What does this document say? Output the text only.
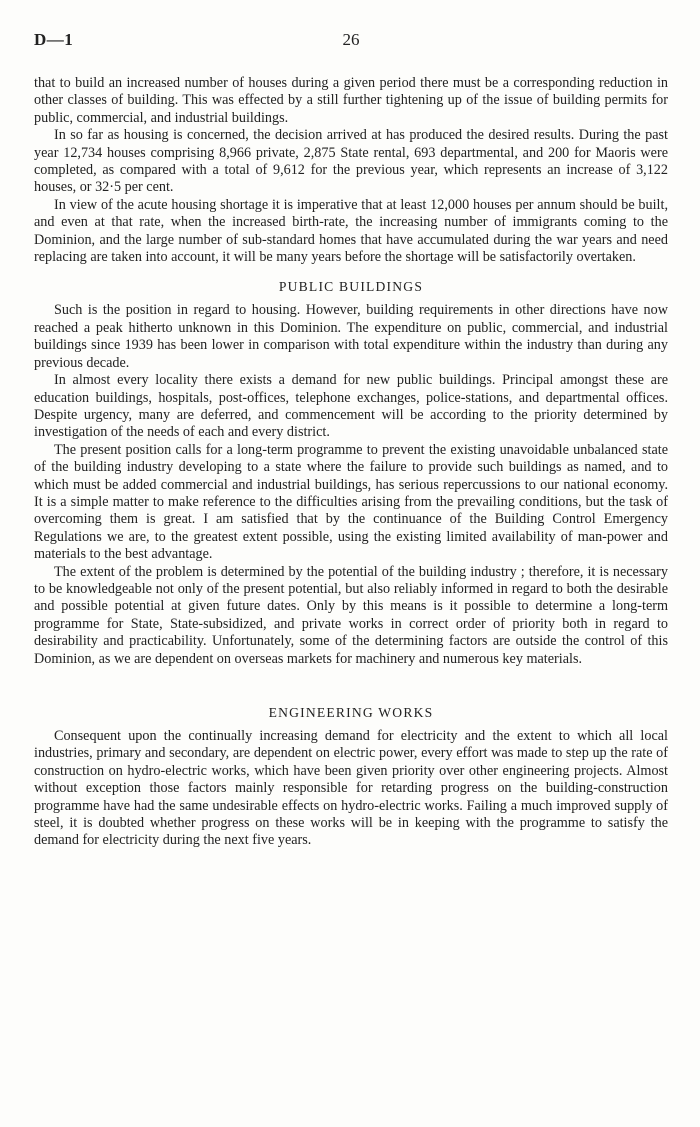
D—1	26

that to build an increased number of houses during a given period there must be a corresponding reduction in other classes of building. This was effected by a still further tightening up of the issue of building permits for public, commercial, and industrial buildings.

In so far as housing is concerned, the decision arrived at has produced the desired results. During the past year 12,734 houses comprising 8,966 private, 2,875 State rental, 693 departmental, and 200 for Maoris were completed, as compared with a total of 9,612 for the previous year, which represents an increase of 3,122 houses, or 32·5 per cent.

In view of the acute housing shortage it is imperative that at least 12,000 houses per annum should be built, and even at that rate, when the increased birth-rate, the increasing number of immigrants coming to the Dominion, and the large number of sub-standard homes that have accumulated during the war years and need replacing are taken into account, it will be many years before the shortage will be satisfactorily overtaken.

PUBLIC BUILDINGS

Such is the position in regard to housing. However, building requirements in other directions have now reached a peak hitherto unknown in this Dominion. The expenditure on public, commercial, and industrial buildings since 1939 has been lower in comparison with total expenditure within the industry than during any previous decade.

In almost every locality there exists a demand for new public buildings. Principal amongst these are education buildings, hospitals, post-offices, telephone exchanges, police-stations, and departmental offices. Despite urgency, many are deferred, and commencement will be according to the priority determined by investigation of the needs of each and every district.

The present position calls for a long-term programme to prevent the existing unavoidable unbalanced state of the building industry developing to a state where the failure to provide such buildings as named, and to which must be added commercial and industrial buildings, has serious repercussions to our national economy. It is a simple matter to make reference to the difficulties arising from the prevailing conditions, but the task of overcoming them is great. I am satisfied that by the continuance of the Building Control Emergency Regulations we are, to the greatest extent possible, using the existing limited availability of man-power and materials to the best advantage.

The extent of the problem is determined by the potential of the building industry ; therefore, it is necessary to be knowledgeable not only of the present potential, but also reliably informed in regard to both the desirable and possible potential at given future dates. Only by this means is it possible to determine a long-term programme for State, State-subsidized, and private works in correct order of priority both in regard to desirability and practicability. Unfortunately, some of the determining factors are outside the control of this Dominion, as we are dependent on overseas markets for machinery and numerous key materials.

ENGINEERING WORKS

Consequent upon the continually increasing demand for electricity and the extent to which all local industries, primary and secondary, are dependent on electric power, every effort was made to step up the rate of construction on hydro-electric works, which have been given priority over other engineering projects. Almost without exception those factors mainly responsible for retarding progress on the building-construction programme have had the same undesirable effects on hydro-electric works. Failing a much improved supply of steel, it is doubted whether progress on these works will be in keeping with the programme to satisfy the demand for electricity during the next five years.
